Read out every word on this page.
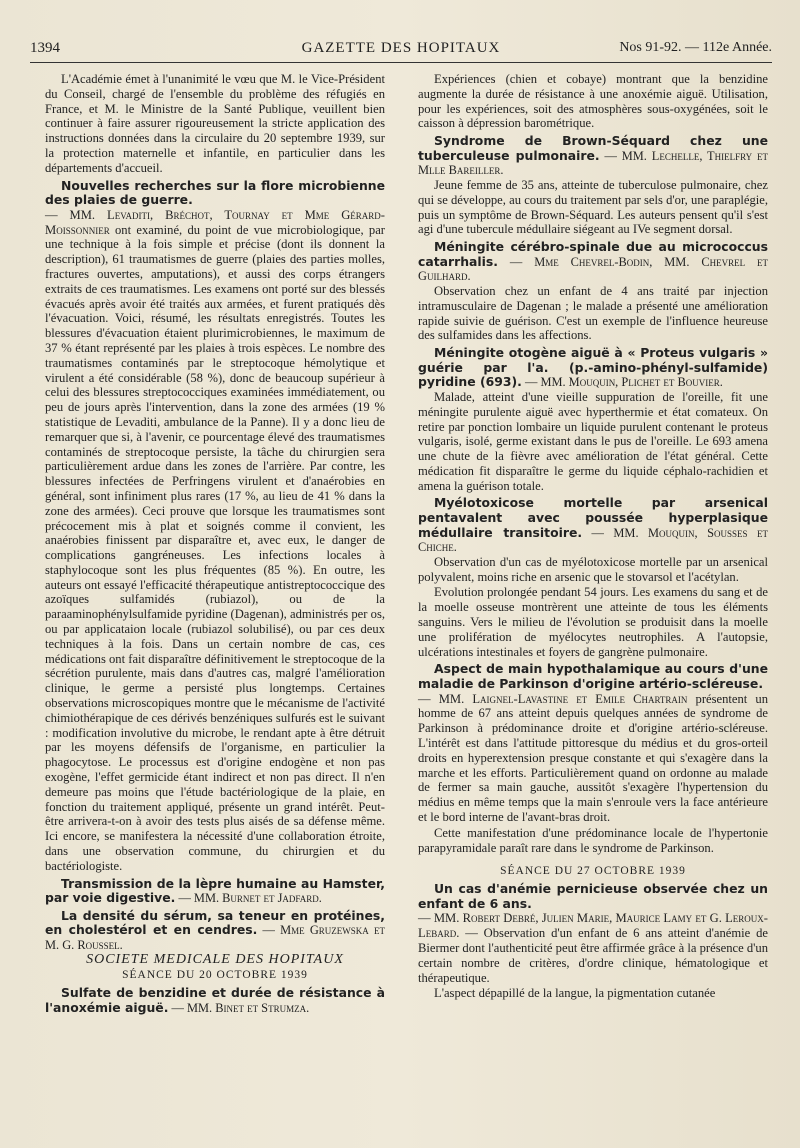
1394	GAZETTE DES HOPITAUX	Nos 91-92. — 112e Année.

L'Académie émet à l'unanimité le vœu que M. le Vice-Président du Conseil, chargé de l'ensemble du problème des réfugiés en France, et M. le Ministre de la Santé Publique, veuillent bien continuer à faire assurer rigoureusement la stricte application des instructions données dans la circulaire du 20 septembre 1939, sur la protection maternelle et infantile, en particulier dans les départements d'accueil.

Nouvelles recherches sur la flore microbienne des plaies de guerre.

— MM. Levaditi, Bréchot, Tournay et Mme Gérard-Moissonnier ont examiné, du point de vue microbiologique, par une technique à la fois simple et précise (dont ils donnent la description), 61 traumatismes de guerre (plaies des parties molles, fractures ouvertes, amputations), et aussi des corps étrangers extraits de ces traumatismes. Les examens ont porté sur des blessés évacués après avoir été traités aux armées, et furent pratiqués dès l'évacuation. Voici, résumé, les résultats enregistrés. Toutes les blessures d'évacuation étaient plurimicrobiennes, le maximum de 37 % étant représenté par les plaies à trois espèces. Le nombre des traumatismes contaminés par le streptocoque hémolytique et virulent a été considérable (58 %), donc de beaucoup supérieur à celui des blessures streptococciques examinées immédiatement, ou peu de jours après l'intervention, dans la zone des armées (19 % statistique de Levaditi, ambulance de la Panne). Il y a donc lieu de remarquer que si, à l'avenir, ce pourcentage élevé des traumatismes contaminés de streptocoque persiste, la tâche du chirurgien sera particulièrement ardue dans les zones de l'arrière. Par contre, les blessures infectées de Perfringens virulent et d'anaérobies en général, sont infiniment plus rares (17 %, au lieu de 41 % dans la zone des armées). Ceci prouve que lorsque les traumatismes sont précocement mis à plat et soignés comme il convient, les anaérobies finissent par disparaître et, avec eux, le danger de complications gangréneuses. Les infections locales à staphylocoque sont les plus fréquentes (85 %). En outre, les auteurs ont essayé l'efficacité thérapeutique antistreptococcique des azoïques sulfamidés (rubiazol), ou de la paraaminophénylsulfamide pyridine (Dagenan), administrés per os, ou par applicataion locale (rubiazol solubilisé), ou par ces deux techniques à la fois. Dans un certain nombre de cas, ces médications ont fait disparaître définitivement le streptocoque de la sécrétion purulente, mais dans d'autres cas, malgré l'amélioration clinique, le germe a persisté plus longtemps. Certaines observations microscopiques montre que le mécanisme de l'activité chimiothérapique de ces dérivés benzéniques sulfurés est le suivant : modification involutive du microbe, le rendant apte à être détruit par les moyens défensifs de l'organisme, en particulier la phagocytose. Le processus est d'origine endogène et non pas exogène, l'effet germicide étant indirect et non pas direct. Il n'en demeure pas moins que l'étude bactériologique de la plaie, en fonction du traitement appliqué, présente un grand intérêt. Peut-être arrivera-t-on à avoir des tests plus aisés de sa défense même. Ici encore, se manifestera la nécessité d'une collaboration étroite, dans une observation commune, du chirurgien et du bactériologiste.

Transmission de la lèpre humaine au Hamster, par voie digestive. — MM. Burnet et Jadfard.
La densité du sérum, sa teneur en protéines, en cholestérol et en cendres. — Mme Gruzewska et M. G. Roussel.

SOCIETE MEDICALE DES HOPITAUX

SÉANCE DU 20 OCTOBRE 1939

Sulfate de benzidine et durée de résistance à l'anoxémie aiguë. — MM. Binet et Strumza.

Expériences (chien et cobaye) montrant que la benzidine augmente la durée de résistance à une anoxémie aiguë. Utilisation, pour les expériences, soit des atmosphères sous-oxygénées, soit le caisson à dépression barométrique.

Syndrome de Brown-Séquard chez une tuberculeuse pulmonaire. — MM. Lechelle, Thielfry et Mlle Bareiller.

Jeune femme de 35 ans, atteinte de tuberculose pulmonaire, chez qui se développe, au cours du traitement par sels d'or, une paraplégie, puis un symptôme de Brown-Séquard. Les auteurs pensent qu'il s'est agi d'une tubercule médullaire siégeant au IVe segment dorsal.

Méningite cérébro-spinale due au micrococcus catarrhalis. — Mme Chevrel-Bodin, MM. Chevrel et Guilhard.

Observation chez un enfant de 4 ans traité par injection intramusculaire de Dagenan ; le malade a présenté une amélioration rapide suivie de guérison. C'est un exemple de l'influence heureuse des sulfamides dans les affections.

Méningite otogène aiguë à « Proteus vulgaris » guérie par l'a. (p.-amino-phényl-sulfamide) pyridine (693). — MM. Mouquin, Plichet et Bouvier.

Malade, atteint d'une vieille suppuration de l'oreille, fit une méningite purulente aiguë avec hyperthermie et état comateux. On retire par ponction lombaire un liquide purulent contenant le proteus vulgaris, isolé, germe existant dans le pus de l'oreille. Le 693 amena une chute de la fièvre avec amélioration de l'état général. Cette médication fit disparaître le germe du liquide céphalo-rachidien et amena la guérison totale.

Myélotoxicose mortelle par arsenical pentavalent avec poussée hyperplasique médullaire transitoire. — MM. Mouquin, Sousses et Chiche.

Observation d'un cas de myélotoxicose mortelle par un arsenical polyvalent, moins riche en arsenic que le stovarsol et l'acétylan.

Evolution prolongée pendant 54 jours. Les examens du sang et de la moelle osseuse montrèrent une atteinte de tous les éléments sanguins. Vers le milieu de l'évolution se produisit dans la moelle une prolifération de myélocytes neutrophiles. A l'autopsie, ulcérations intestinales et foyers de gangrène pulmonaire.

Aspect de main hypothalamique au cours d'une maladie de Parkinson d'origine artério-scléreuse.

— MM. Laignel-Lavastine et Emile Chartrain présentent un homme de 67 ans atteint depuis quelques années de syndrome de Parkinson à prédominance droite et d'origine artério-scléreuse. L'intérêt est dans l'attitude pittoresque du médius et du gros-orteil droits en hyperextension presque constante et qui s'exagère dans la marche et les efforts. Particulièrement quand on ordonne au malade de fermer sa main gauche, aussitôt s'exagère l'hypertension du médius en même temps que la main s'enroule vers la face antérieure et le bord interne de l'avant-bras droit.

Cette manifestation d'une prédominance locale de l'hypertonie parapyramidale paraît rare dans le syndrome de Parkinson.

SÉANCE DU 27 OCTOBRE 1939

Un cas d'anémie pernicieuse observée chez un enfant de 6 ans.

— MM. Robert Debré, Julien Marie, Maurice Lamy et G. Leroux-Lebard. — Observation d'un enfant de 6 ans atteint d'anémie de Biermer dont l'authenticité peut être affirmée grâce à la présence d'un certain nombre de critères, d'ordre clinique, hématologique et thérapeutique.

L'aspect dépapillé de la langue, la pigmentation cutanée
